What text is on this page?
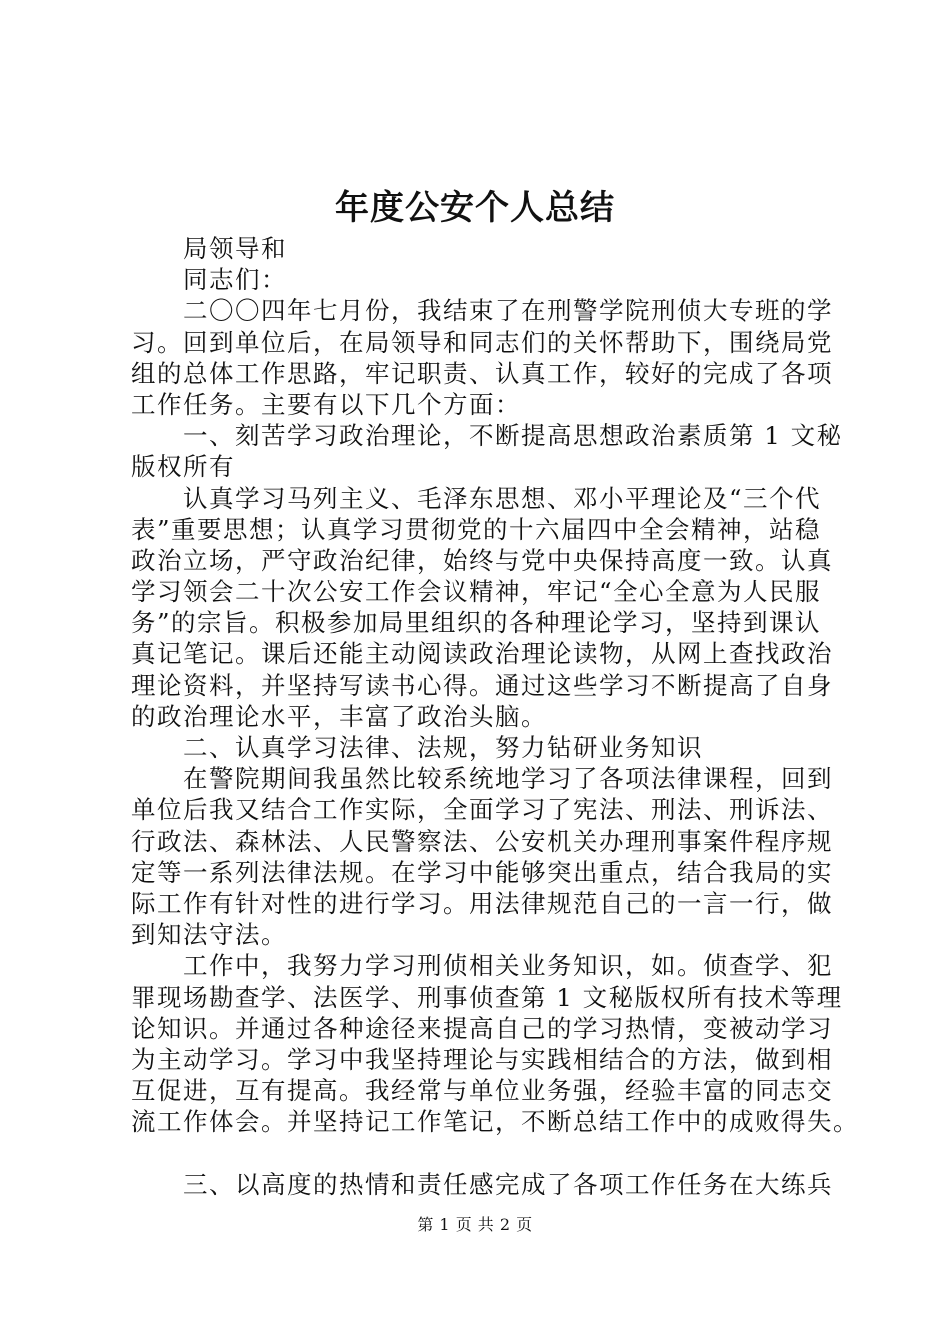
年度公安个人总结
局领导和
同志们：
二〇〇四年七月份，我结束了在刑警学院刑侦大专班的学
习。回到单位后，在局领导和同志们的关怀帮助下，围绕局党
组的总体工作思路，牢记职责、认真工作，较好的完成了各项
工作任务。主要有以下几个方面：
一、刻苦学习政治理论，不断提高思想政治素质第 1 文秘
版权所有
认真学习马列主义、毛泽东思想、邓小平理论及“三个代
表”重要思想；认真学习贯彻党的十六届四中全会精神，站稳
政治立场，严守政治纪律，始终与党中央保持高度一致。认真
学习领会二十次公安工作会议精神，牢记“全心全意为人民服
务”的宗旨。积极参加局里组织的各种理论学习，坚持到课认
真记笔记。课后还能主动阅读政治理论读物，从网上查找政治
理论资料，并坚持写读书心得。通过这些学习不断提高了自身
的政治理论水平，丰富了政治头脑。
二、认真学习法律、法规，努力钻研业务知识
在警院期间我虽然比较系统地学习了各项法律课程，回到
单位后我又结合工作实际，全面学习了宪法、刑法、刑诉法、
行政法、森林法、人民警察法、公安机关办理刑事案件程序规
定等一系列法律法规。在学习中能够突出重点，结合我局的实
际工作有针对性的进行学习。用法律规范自己的一言一行，做
到知法守法。
工作中，我努力学习刑侦相关业务知识，如。侦查学、犯
罪现场勘查学、法医学、刑事侦查第 1 文秘版权所有技术等理
论知识。并通过各种途径来提高自己的学习热情，变被动学习
为主动学习。学习中我坚持理论与实践相结合的方法，做到相
互促进，互有提高。我经常与单位业务强，经验丰富的同志交
流工作体会。并坚持记工作笔记，不断总结工作中的成败得失。
三、以高度的热情和责任感完成了各项工作任务在大练兵
第 1 页 共 2 页
